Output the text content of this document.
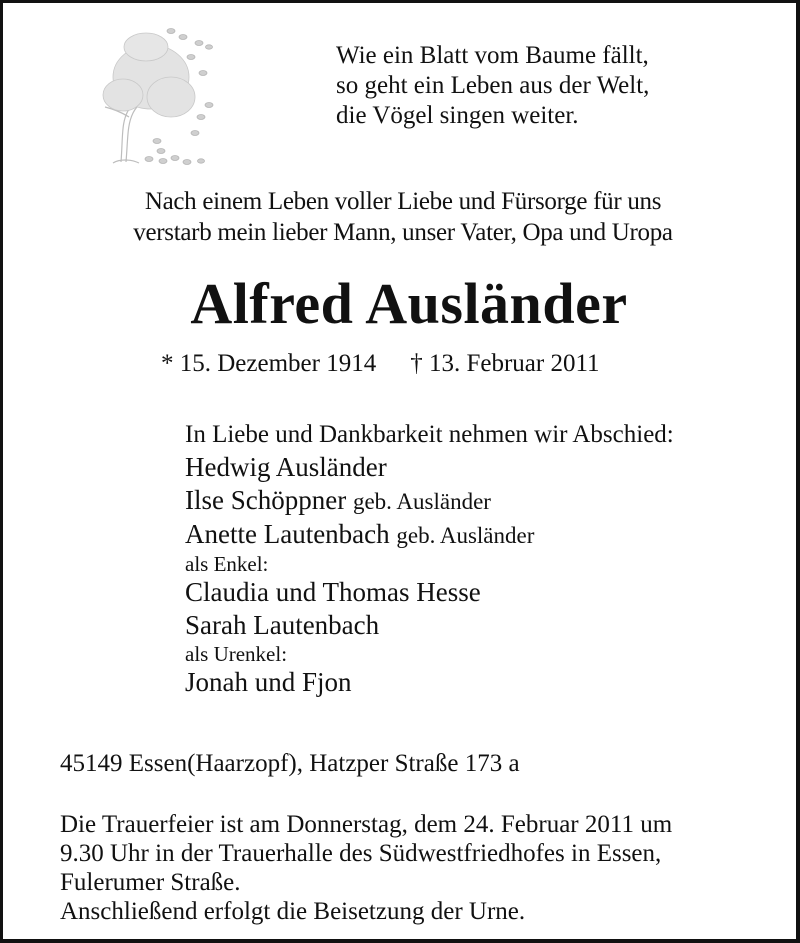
Wie ein Blatt vom Baume fällt,
so geht ein Leben aus der Welt,
die Vögel singen weiter.
Nach einem Leben voller Liebe und Fürsorge für uns
verstarb mein lieber Mann, unser Vater, Opa und Uropa
Alfred Ausländer
* 15. Dezember 1914 † 13. Februar 2011
In Liebe und Dankbarkeit nehmen wir Abschied:
Hedwig Ausländer
Ilse Schöppner geb. Ausländer
Anette Lautenbach geb. Ausländer
als Enkel:
Claudia und Thomas Hesse
Sarah Lautenbach
als Urenkel:
Jonah und Fjon
45149 Essen(Haarzopf), Hatzper Straße 173 a
Die Trauerfeier ist am Donnerstag, dem 24. Februar 2011 um
9.30 Uhr in der Trauerhalle des Südwestfriedhofes in Essen,
Fulerumer Straße.
Anschließend erfolgt die Beisetzung der Urne.
